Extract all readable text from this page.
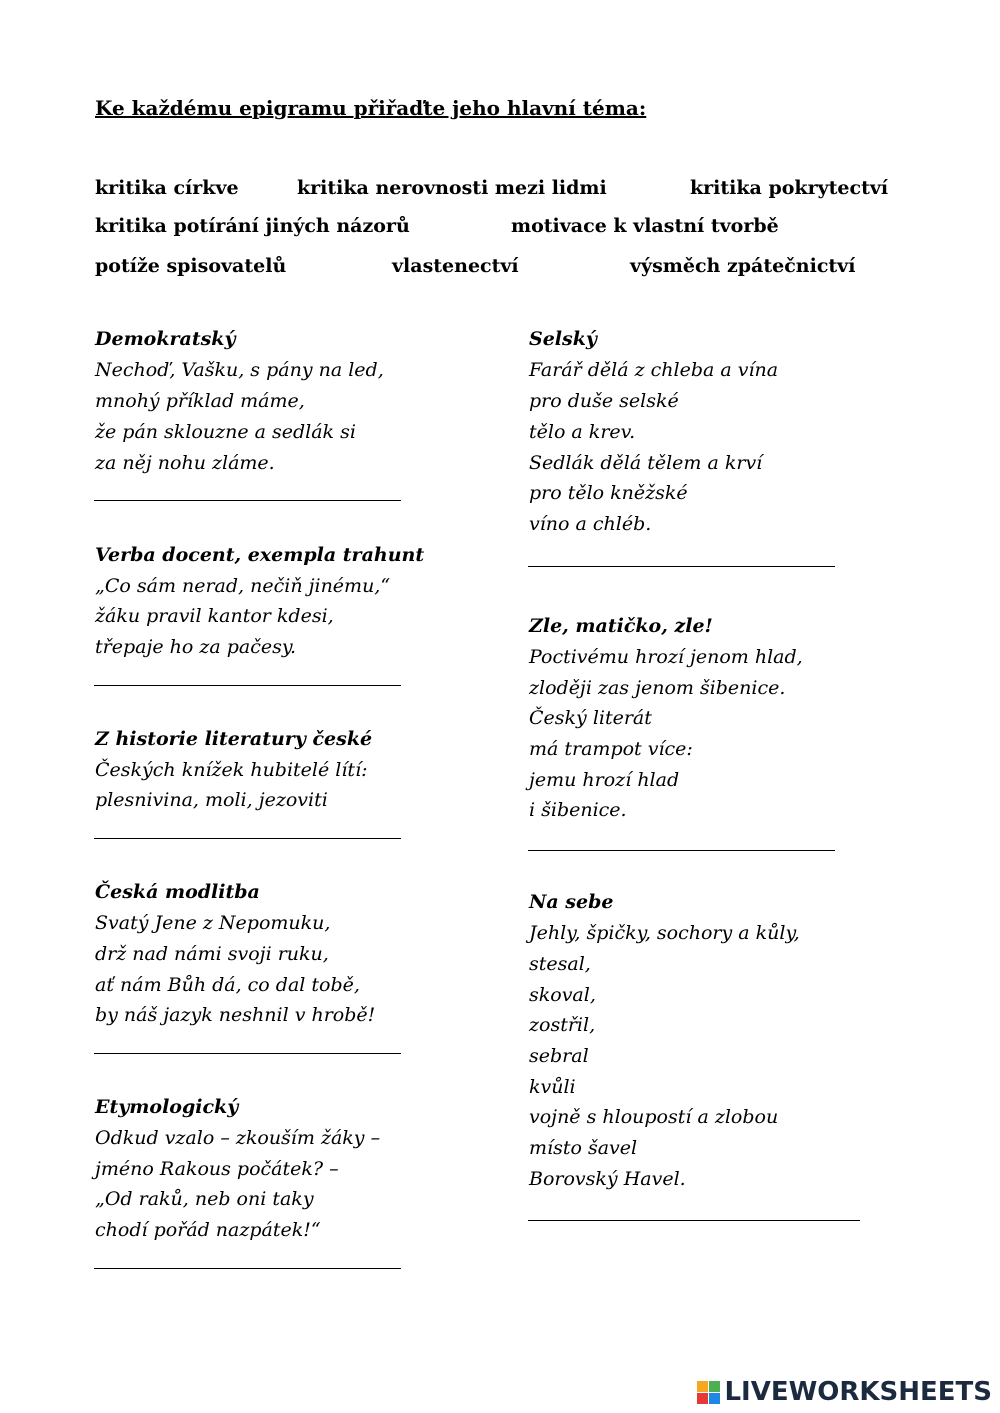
Ke každému epigramu přiřaďte jeho hlavní téma:
kritika církve	kritika nerovnosti mezi lidmi	kritika pokrytectví
kritika potírání jiných názorů	motivace k vlastní tvorbě
potíže spisovatelů	vlastenectví	výsměch zpátečnictví
Demokratský
Nechoď, Vašku, s pány na led,
mnohý příklad máme,
že pán sklouzne a sedlák si
za něj nohu zláme.
Verba docent, exempla trahunt
„Co sám nerad, nečiň jinému,“
žáku pravil kantor kdesi,
třepaje ho za pačesy.
Z historie literatury české
Českých knížek hubitelé lítí:
plesnivina, moli, jezoviti
Česká modlitba
Svatý Jene z Nepomuku,
drž nad námi svoji ruku,
ať nám Bůh dá, co dal tobě,
by náš jazyk neshnil v hrobě!
Etymologický
Odkud vzalo – zkouším žáky –
jméno Rakous počátek? –
„Od raků, neb oni taky
chodí pořád nazpátek!“
Selský
Farář dělá z chleba a vína
pro duše selské
tělo a krev.
Sedlák dělá tělem a krví
pro tělo kněžské
víno a chléb.
Zle, matičko, zle!
Poctivému hrozí jenom hlad,
zloději zas jenom šibenice.
Český literát
má trampot více:
jemu hrozí hlad
i šibenice.
Na sebe
Jehly, špičky, sochory a kůly,
stesal,
skoval,
zostřil,
sebral
kvůli
vojně s hloupostí a zlobou
místo šavel
Borovský Havel.
LIVEWORKSHEETS
